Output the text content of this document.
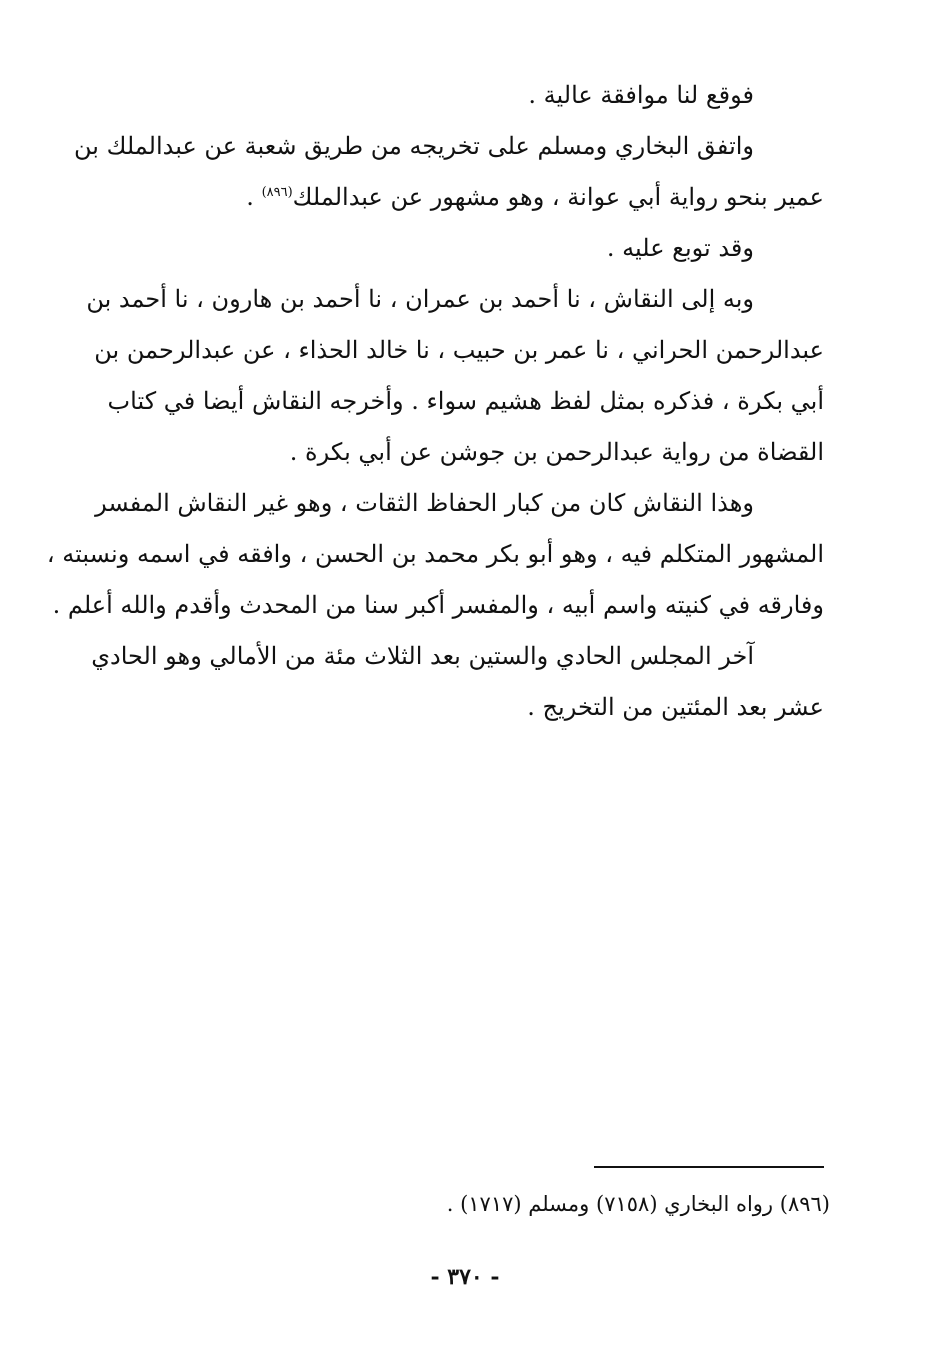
فوقع لنا موافقة عالية .

واتفق البخاري ومسلم على تخريجه من طريق شعبة عن عبدالملك بن
عمير بنحو رواية أبي عوانة ، وهو مشهور عن عبدالملك$^{(٨٩٦)}$ .

وقد توبع عليه .

وبه إلى النقاش ، نا أحمد بن عمران ، نا أحمد بن هارون ، نا أحمد بن
عبدالرحمن الحراني ، نا عمر بن حبيب ، نا خالد الحذاء ، عن عبدالرحمن بن
أبي بكرة ، فذكره بمثل لفظ هشيم سواء . وأخرجه النقاش أيضا في كتاب
القضاة من رواية عبدالرحمن بن جوشن عن أبي بكرة .

وهذا النقاش كان من كبار الحفاظ الثقات ، وهو غير النقاش المفسر
المشهور المتكلم فيه ، وهو أبو بكر محمد بن الحسن ، وافقه في اسمه ونسبته ،
وفارقه في كنيته واسم أبيه ، والمفسر أكبر سنا من المحدث وأقدم والله أعلم .

آخر المجلس الحادي والستين بعد الثلاث مئة من الأمالي وهو الحادي
عشر بعد المئتين من التخريج .

(٨٩٦) رواه البخاري (٧١٥٨) ومسلم (١٧١٧) .
- ٣٧٠ -
